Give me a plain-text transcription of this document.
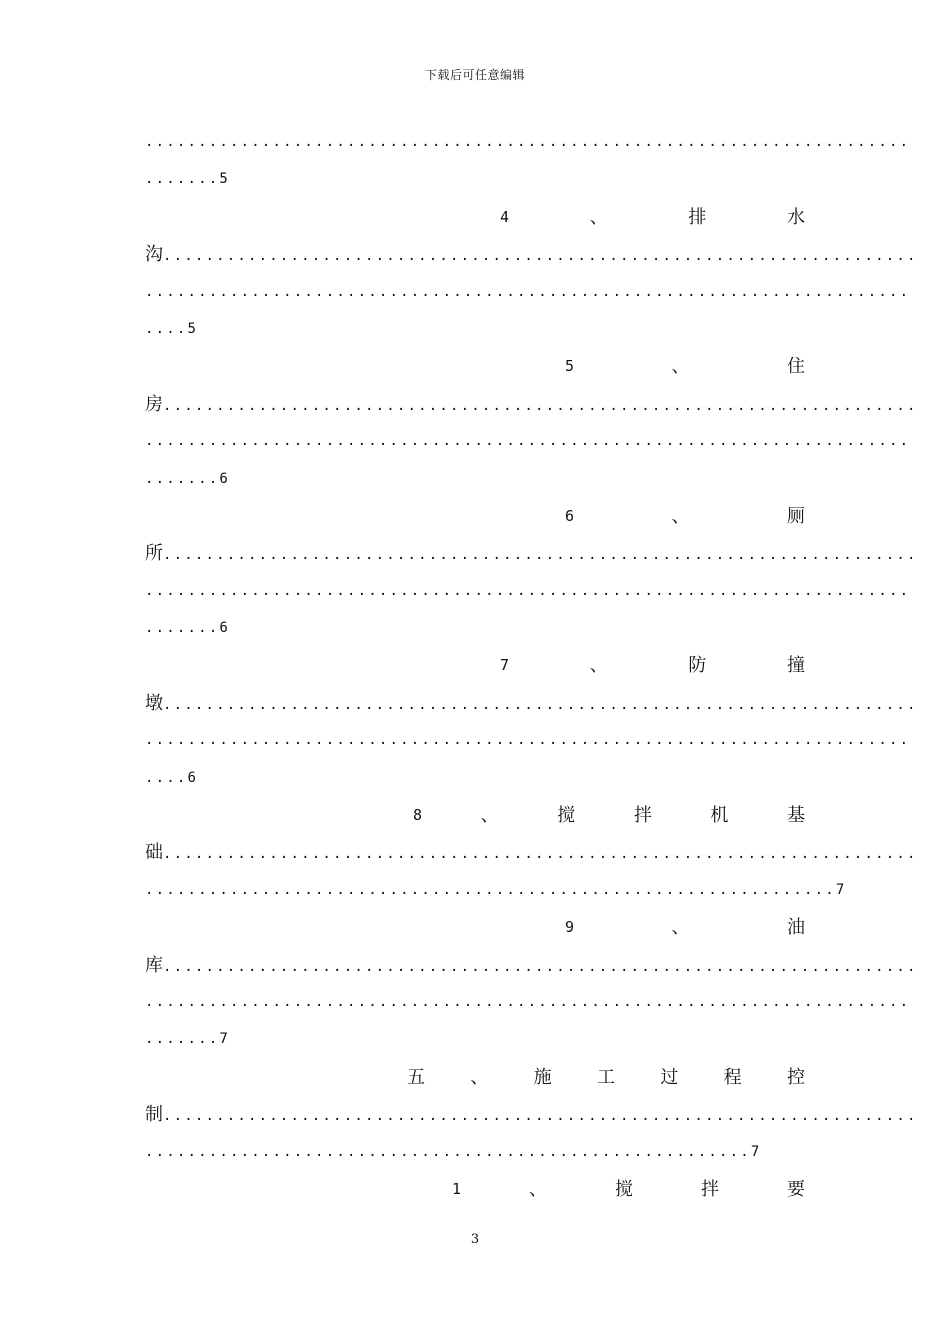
下载后可任意编辑
........................................................................
.......5
4	、	排	水
沟.......................................................................
........................................................................
....5
5	、	住
房.......................................................................
........................................................................
.......6
6	、	厕
所.......................................................................
........................................................................
.......6
7	、	防	撞
墩.......................................................................
........................................................................
....6
8	、	搅	拌	机	基
础.......................................................................
.................................................................7
9	、	油
库.......................................................................
........................................................................
.......7
五	、	施	工	过	程	控
制.......................................................................
.........................................................7
1	、	搅	拌	要
3
